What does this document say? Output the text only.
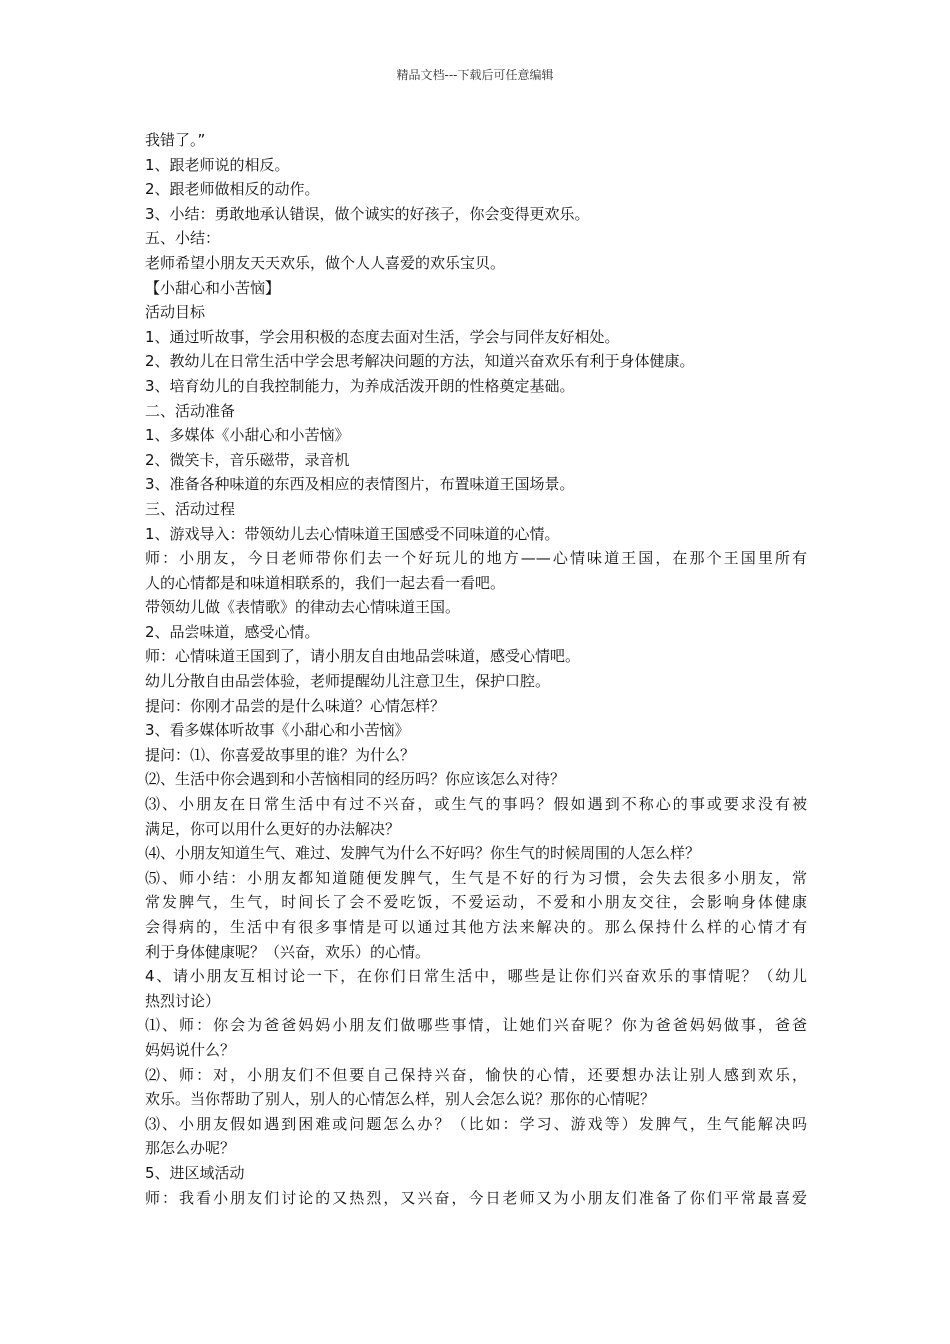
精品文档---下载后可任意编辑
我错了。”
1、跟老师说的相反。
2、跟老师做相反的动作。
3、小结：勇敢地承认错误，做个诚实的好孩子，你会变得更欢乐。
五、小结：
老师希望小朋友天天欢乐，做个人人喜爱的欢乐宝贝。
【小甜心和小苦恼】
活动目标
1、通过听故事，学会用积极的态度去面对生活，学会与同伴友好相处。
2、教幼儿在日常生活中学会思考解决问题的方法，知道兴奋欢乐有利于身体健康。
3、培育幼儿的自我控制能力，为养成活泼开朗的性格奠定基础。
二、活动准备
1、多媒体《小甜心和小苦恼》
2、微笑卡，音乐磁带，录音机
3、准备各种味道的东西及相应的表情图片，布置味道王国场景。
三、活动过程
1、游戏导入：带领幼儿去心情味道王国感受不同味道的心情。
师：小朋友，今日老师带你们去一个好玩儿的地方——心情味道王国，在那个王国里所有
人的心情都是和味道相联系的，我们一起去看一看吧。
带领幼儿做《表情歌》的律动去心情味道王国。
2、品尝味道，感受心情。
师：心情味道王国到了，请小朋友自由地品尝味道，感受心情吧。
幼儿分散自由品尝体验，老师提醒幼儿注意卫生，保护口腔。
提问：你刚才品尝的是什么味道？心情怎样？
3、看多媒体听故事《小甜心和小苦恼》
提问：⑴、你喜爱故事里的谁？为什么？
⑵、生活中你会遇到和小苦恼相同的经历吗？你应该怎么对待？
⑶、小朋友在日常生活中有过不兴奋，或生气的事吗？假如遇到不称心的事或要求没有被
满足，你可以用什么更好的办法解决？
⑷、小朋友知道生气、难过、发脾气为什么不好吗？你生气的时候周围的人怎么样？
⑸、师小结：小朋友都知道随便发脾气，生气是不好的行为习惯，会失去很多小朋友，常
常发脾气，生气，时间长了会不爱吃饭，不爱运动，不爱和小朋友交往，会影响身体健康
会得病的，生活中有很多事情是可以通过其他方法来解决的。那么保持什么样的心情才有
利于身体健康呢？（兴奋，欢乐）的心情。
4、请小朋友互相讨论一下，在你们日常生活中，哪些是让你们兴奋欢乐的事情呢？（幼儿
热烈讨论）
⑴、师：你会为爸爸妈妈小朋友们做哪些事情，让她们兴奋呢？你为爸爸妈妈做事，爸爸
妈妈说什么？
⑵、师：对，小朋友们不但要自己保持兴奋，愉快的心情，还要想办法让别人感到欢乐，
欢乐。当你帮助了别人，别人的心情怎么样，别人会怎么说？那你的心情呢？
⑶、小朋友假如遇到困难或问题怎么办？（比如：学习、游戏等）发脾气，生气能解决吗
那怎么办呢？
5、进区域活动
师：我看小朋友们讨论的又热烈，又兴奋，今日老师又为小朋友们准备了你们平常最喜爱
